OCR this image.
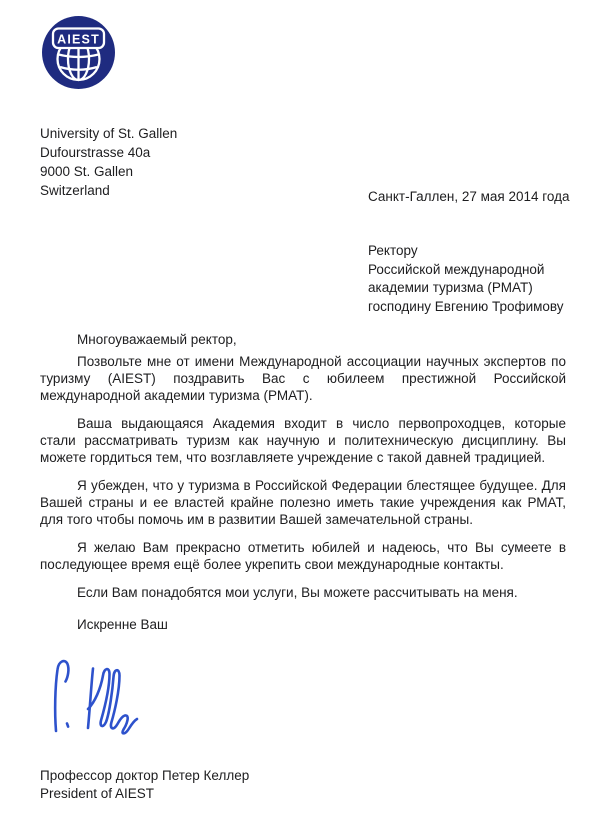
AIEST
University of St. Gallen
Dufourstrasse 40a
9000 St. Gallen
Switzerland	Санкт-Галлен, 27 мая 2014 года
Ректору
Российской международной
академии туризма (РМАТ)
господину Евгению Трофимову

Многоуважаемый ректор,

Позвольте мне от имени Международной ассоциации научных экспертов по туризму (AIEST) поздравить Вас с юбилеем престижной Российской международной академии туризма (РМАТ).

Ваша выдающаяся Академия входит в число первопроходцев, которые стали рассматривать туризм как научную и политехническую дисциплину. Вы можете гордиться тем, что возглавляете учреждение с такой давней традицией.

Я убежден, что у туризма в Российской Федерации блестящее будущее. Для Вашей страны и ее властей крайне полезно иметь такие учреждения как РМАТ, для того чтобы помочь им в развитии Вашей замечательной страны.

Я желаю Вам прекрасно отметить юбилей и надеюсь, что Вы сумеете в последующее время ещё более укрепить свои международные контакты.

Если Вам понадобятся мои услуги, Вы можете рассчитывать на меня.

Искренне Ваш

Профессор доктор Петер Келлер
President of AIEST
